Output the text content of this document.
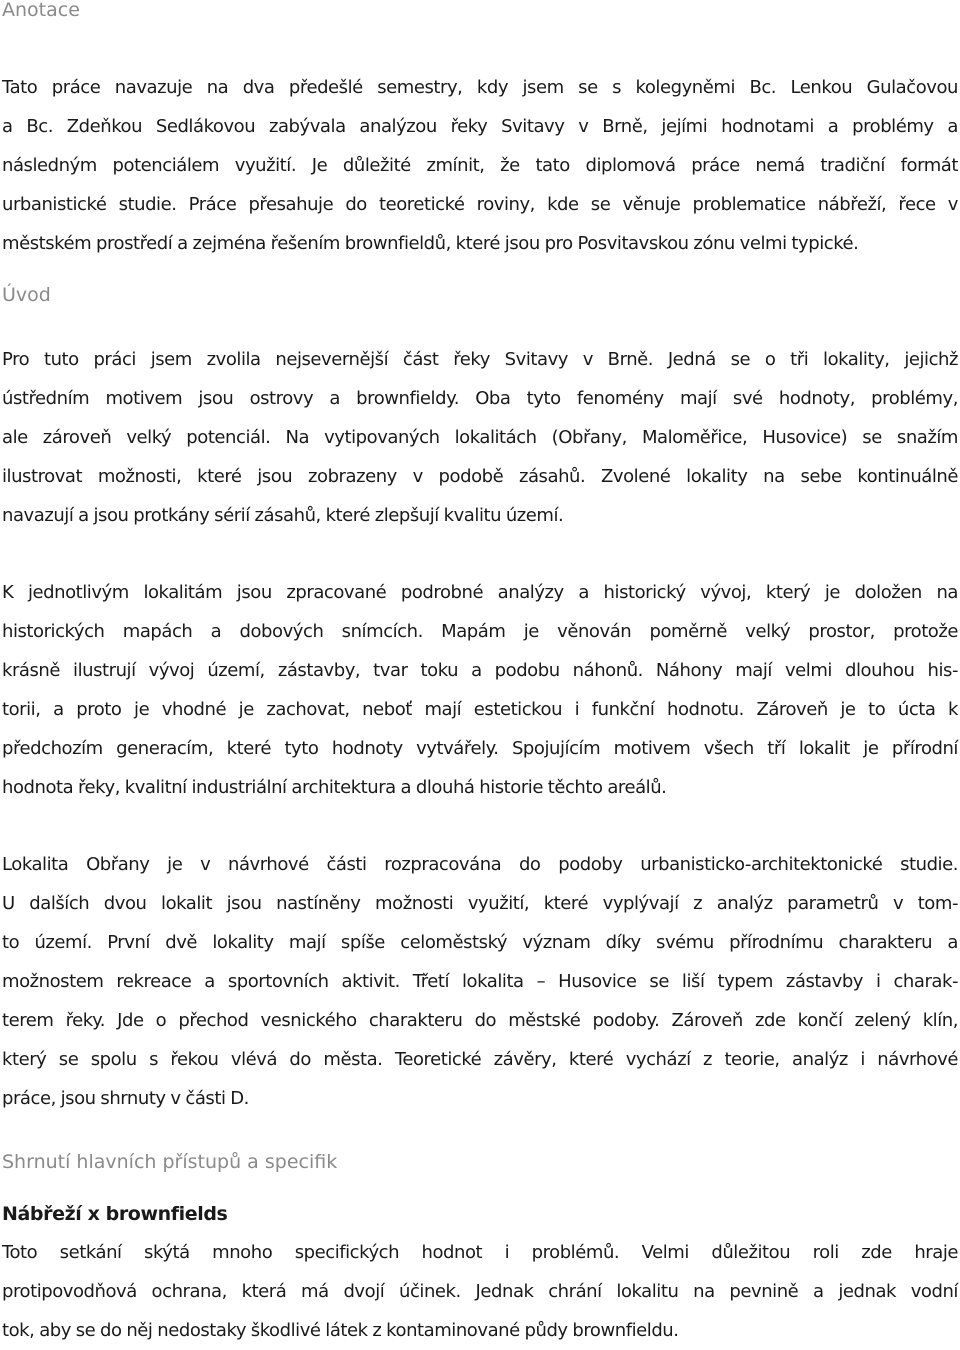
Anotace
Tato práce navazuje na dva předešlé semestry, kdy jsem se s kolegyněmi Bc. Lenkou Gulačovou
a Bc. Zdeňkou Sedlákovou zabývala analýzou řeky Svitavy v Brně, jejími hodnotami a problémy a
následným potenciálem využití. Je důležité zmínit, že tato diplomová práce nemá tradiční formát
urbanistické studie. Práce přesahuje do teoretické roviny, kde se věnuje problematice nábřeží, řece v
městském prostředí a zejména řešením brownfieldů, které jsou pro Posvitavskou zónu velmi typické.
Úvod
Pro tuto práci jsem zvolila nejsevernější část řeky Svitavy v Brně. Jedná se o tři lokality, jejichž
ústředním motivem jsou ostrovy a brownfieldy. Oba tyto fenomény mají své hodnoty, problémy,
ale zároveň velký potenciál. Na vytipovaných lokalitách (Obřany, Maloměřice, Husovice) se snažím
ilustrovat možnosti, které jsou zobrazeny v podobě zásahů. Zvolené lokality na sebe kontinuálně
navazují a jsou protkány sérií zásahů, které zlepšují kvalitu území.
K jednotlivým lokalitám jsou zpracované podrobné analýzy a historický vývoj, který je doložen na
historických mapách a dobových snímcích. Mapám je věnován poměrně velký prostor, protože
krásně ilustrují vývoj území, zástavby, tvar toku a podobu náhonů. Náhony mají velmi dlouhou his-
torii, a proto je vhodné je zachovat, neboť mají estetickou i funkční hodnotu. Zároveň je to úcta k
předchozím generacím, které tyto hodnoty vytvářely. Spojujícím motivem všech tří lokalit je přírodní
hodnota řeky, kvalitní industriální architektura a dlouhá historie těchto areálů.
Lokalita Obřany je v návrhové části rozpracována do podoby urbanisticko-architektonické studie.
U dalších dvou lokalit jsou nastíněny možnosti využití, které vyplývají z analýz parametrů v tom-
to území. První dvě lokality mají spíše celoměstský význam díky svému přírodnímu charakteru a
možnostem rekreace a sportovních aktivit. Třetí lokalita – Husovice se liší typem zástavby i charak-
terem řeky. Jde o přechod vesnického charakteru do městské podoby. Zároveň zde končí zelený klín,
který se spolu s řekou vlévá do města. Teoretické závěry, které vychází z teorie, analýz i návrhové
práce, jsou shrnuty v části D.
Shrnutí hlavních přístupů a specifik
Nábřeží x brownfields
Toto setkání skýtá mnoho specifických hodnot i problémů. Velmi důležitou roli zde hraje
protipovodňová ochrana, která má dvojí účinek. Jednak chrání lokalitu na pevnině a jednak vodní
tok, aby se do něj nedostaky škodlivé látek z kontaminované půdy brownfieldu.
